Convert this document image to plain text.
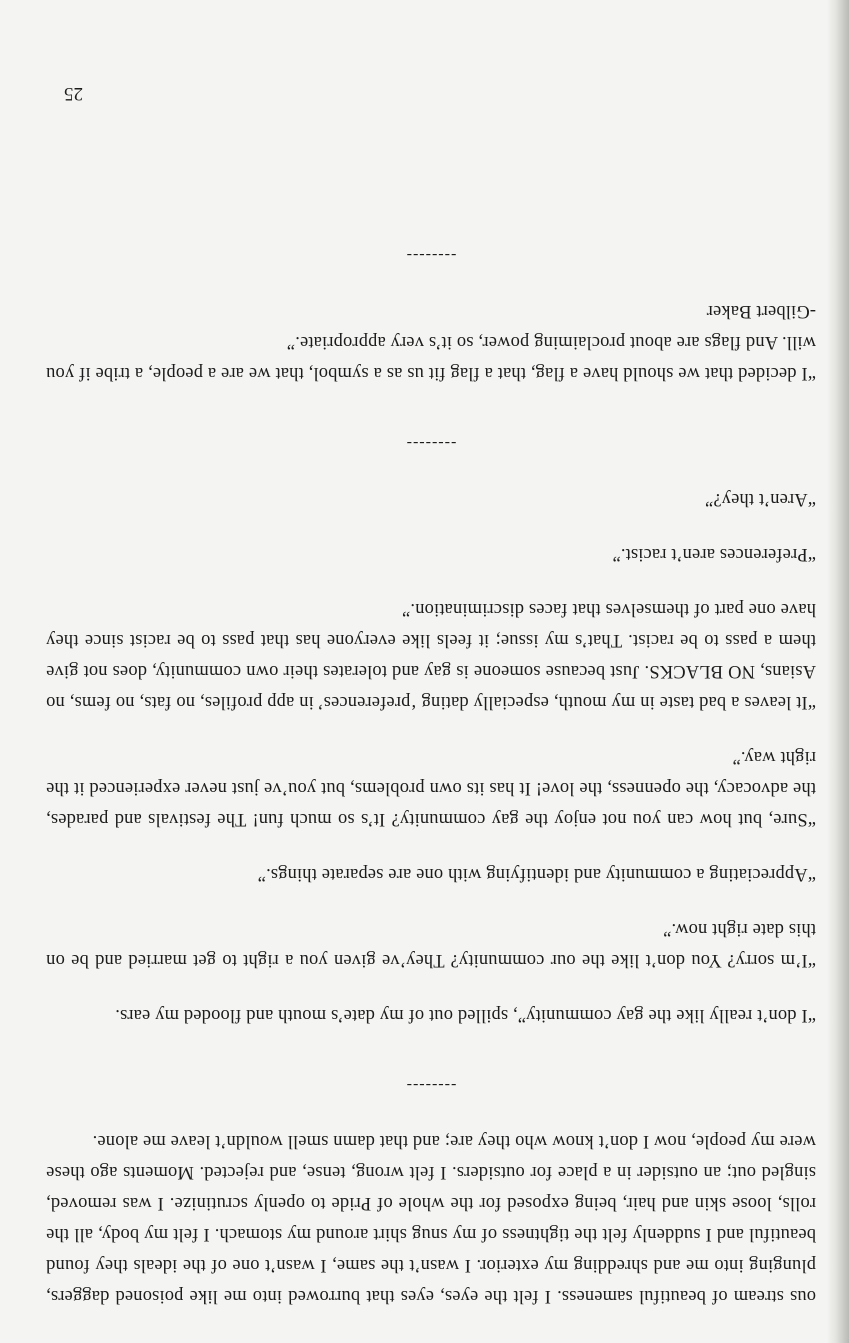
ous stream of beautiful sameness. I felt the eyes, eyes that burrowed into me like poisoned daggers, plunging into me and shredding my exterior. I wasn’t the same, I wasn’t one of the ideals they found beautiful and I suddenly felt the tightness of my snug shirt around my stomach. I felt my body, all the rolls, loose skin and hair, being exposed for the whole of Pride to openly scrutinize. I was removed, singled out; an outsider in a place for outsiders. I felt wrong, tense, and rejected. Moments ago these were my people, now I don’t know who they are; and that damn smell wouldn’t leave me alone.

--------

“I don’t really like the gay community”, spilled out of my date’s mouth and flooded my ears.

“I’m sorry? You don’t like the our community? They’ve given you a right to get married and be on this date right now.”

“Appreciating a community and identifying with one are separate things.”

“Sure, but how can you not enjoy the gay community? It’s so much fun! The festivals and parades, the advocacy, the openness, the love! It has its own problems, but you’ve just never experienced it the right way.”

“It leaves a bad taste in my mouth, especially dating ‘preferences’ in app profiles, no fats, no fems, no Asians, NO BLACKS. Just because someone is gay and tolerates their own community, does not give them a pass to be racist. That’s my issue; it feels like everyone has that pass to be racist since they have one part of themselves that faces discrimination.”

“Preferences aren’t racist.”

“Aren’t they?”

--------

“I decided that we should have a flag, that a flag fit us as a symbol, that we are a people, a tribe if you will. And flags are about proclaiming power, so it’s very appropriate.”

-Gilbert Baker

--------
25
